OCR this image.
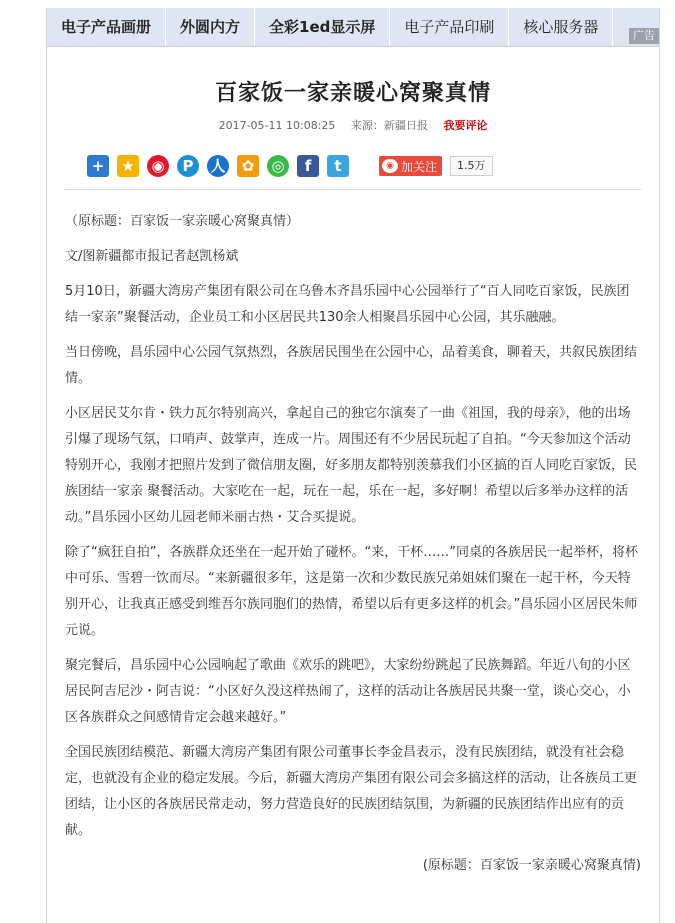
电子产品画册	外圆内方	全彩1ed显示屏	电子产品印刷	核心服务器	广告
百家饭一家亲暖心窝聚真情
2017-05-11 10:08:25 来源：新疆日报 我要评论
+	★ ◉	P	人	✿	◎	f	t	◉ 加关注	1.5万

（原标题：百家饭一家亲暖心窝聚真情）

文/图新疆都市报记者赵凯杨斌

5月10日，新疆大湾房产集团有限公司在乌鲁木齐昌乐园中心公园举行了“百人同吃百家饭，民族团结一家亲”聚餐活动，企业员工和小区居民共130余人相聚昌乐园中心公园，其乐融融。

当日傍晚，昌乐园中心公园气氛热烈，各族居民围坐在公园中心，品着美食，聊着天，共叙民族团结情。

小区居民艾尔肯・铁力瓦尔特别高兴，拿起自己的独它尔演奏了一曲《祖国，我的母亲》，他的出场引爆了现场气氛，口哨声、鼓掌声，连成一片。周围还有不少居民玩起了自拍。“今天参加这个活动特别开心，我刚才把照片发到了微信朋友圈，好多朋友都特别羡慕我们小区搞的百人同吃百家饭，民族团结一家亲 聚餐活动。大家吃在一起，玩在一起，乐在一起，多好啊！希望以后多举办这样的活动。”昌乐园小区幼儿园老师米丽古热・艾合买提说。

除了“疯狂自拍”，各族群众还坐在一起开始了碰杯。“来，干杯……”同桌的各族居民一起举杯，将杯中可乐、雪碧一饮而尽。“来新疆很多年，这是第一次和少数民族兄弟姐妹们聚在一起干杯，今天特别开心，让我真正感受到维吾尔族同胞们的热情，希望以后有更多这样的机会。”昌乐园小区居民朱师元说。

聚完餐后，昌乐园中心公园响起了歌曲《欢乐的跳吧》，大家纷纷跳起了民族舞蹈。年近八旬的小区居民阿吉尼沙・阿吉说：“小区好久没这样热闹了，这样的活动让各族居民共聚一堂，谈心交心，小区各族群众之间感情肯定会越来越好。”

全国民族团结模范、新疆大湾房产集团有限公司董事长李金昌表示，没有民族团结，就没有社会稳定，也就没有企业的稳定发展。今后，新疆大湾房产集团有限公司会多搞这样的活动，让各族员工更团结，让小区的各族居民常走动，努力营造良好的民族团结氛围，为新疆的民族团结作出应有的贡献。

(原标题：百家饭一家亲暖心窝聚真情)
